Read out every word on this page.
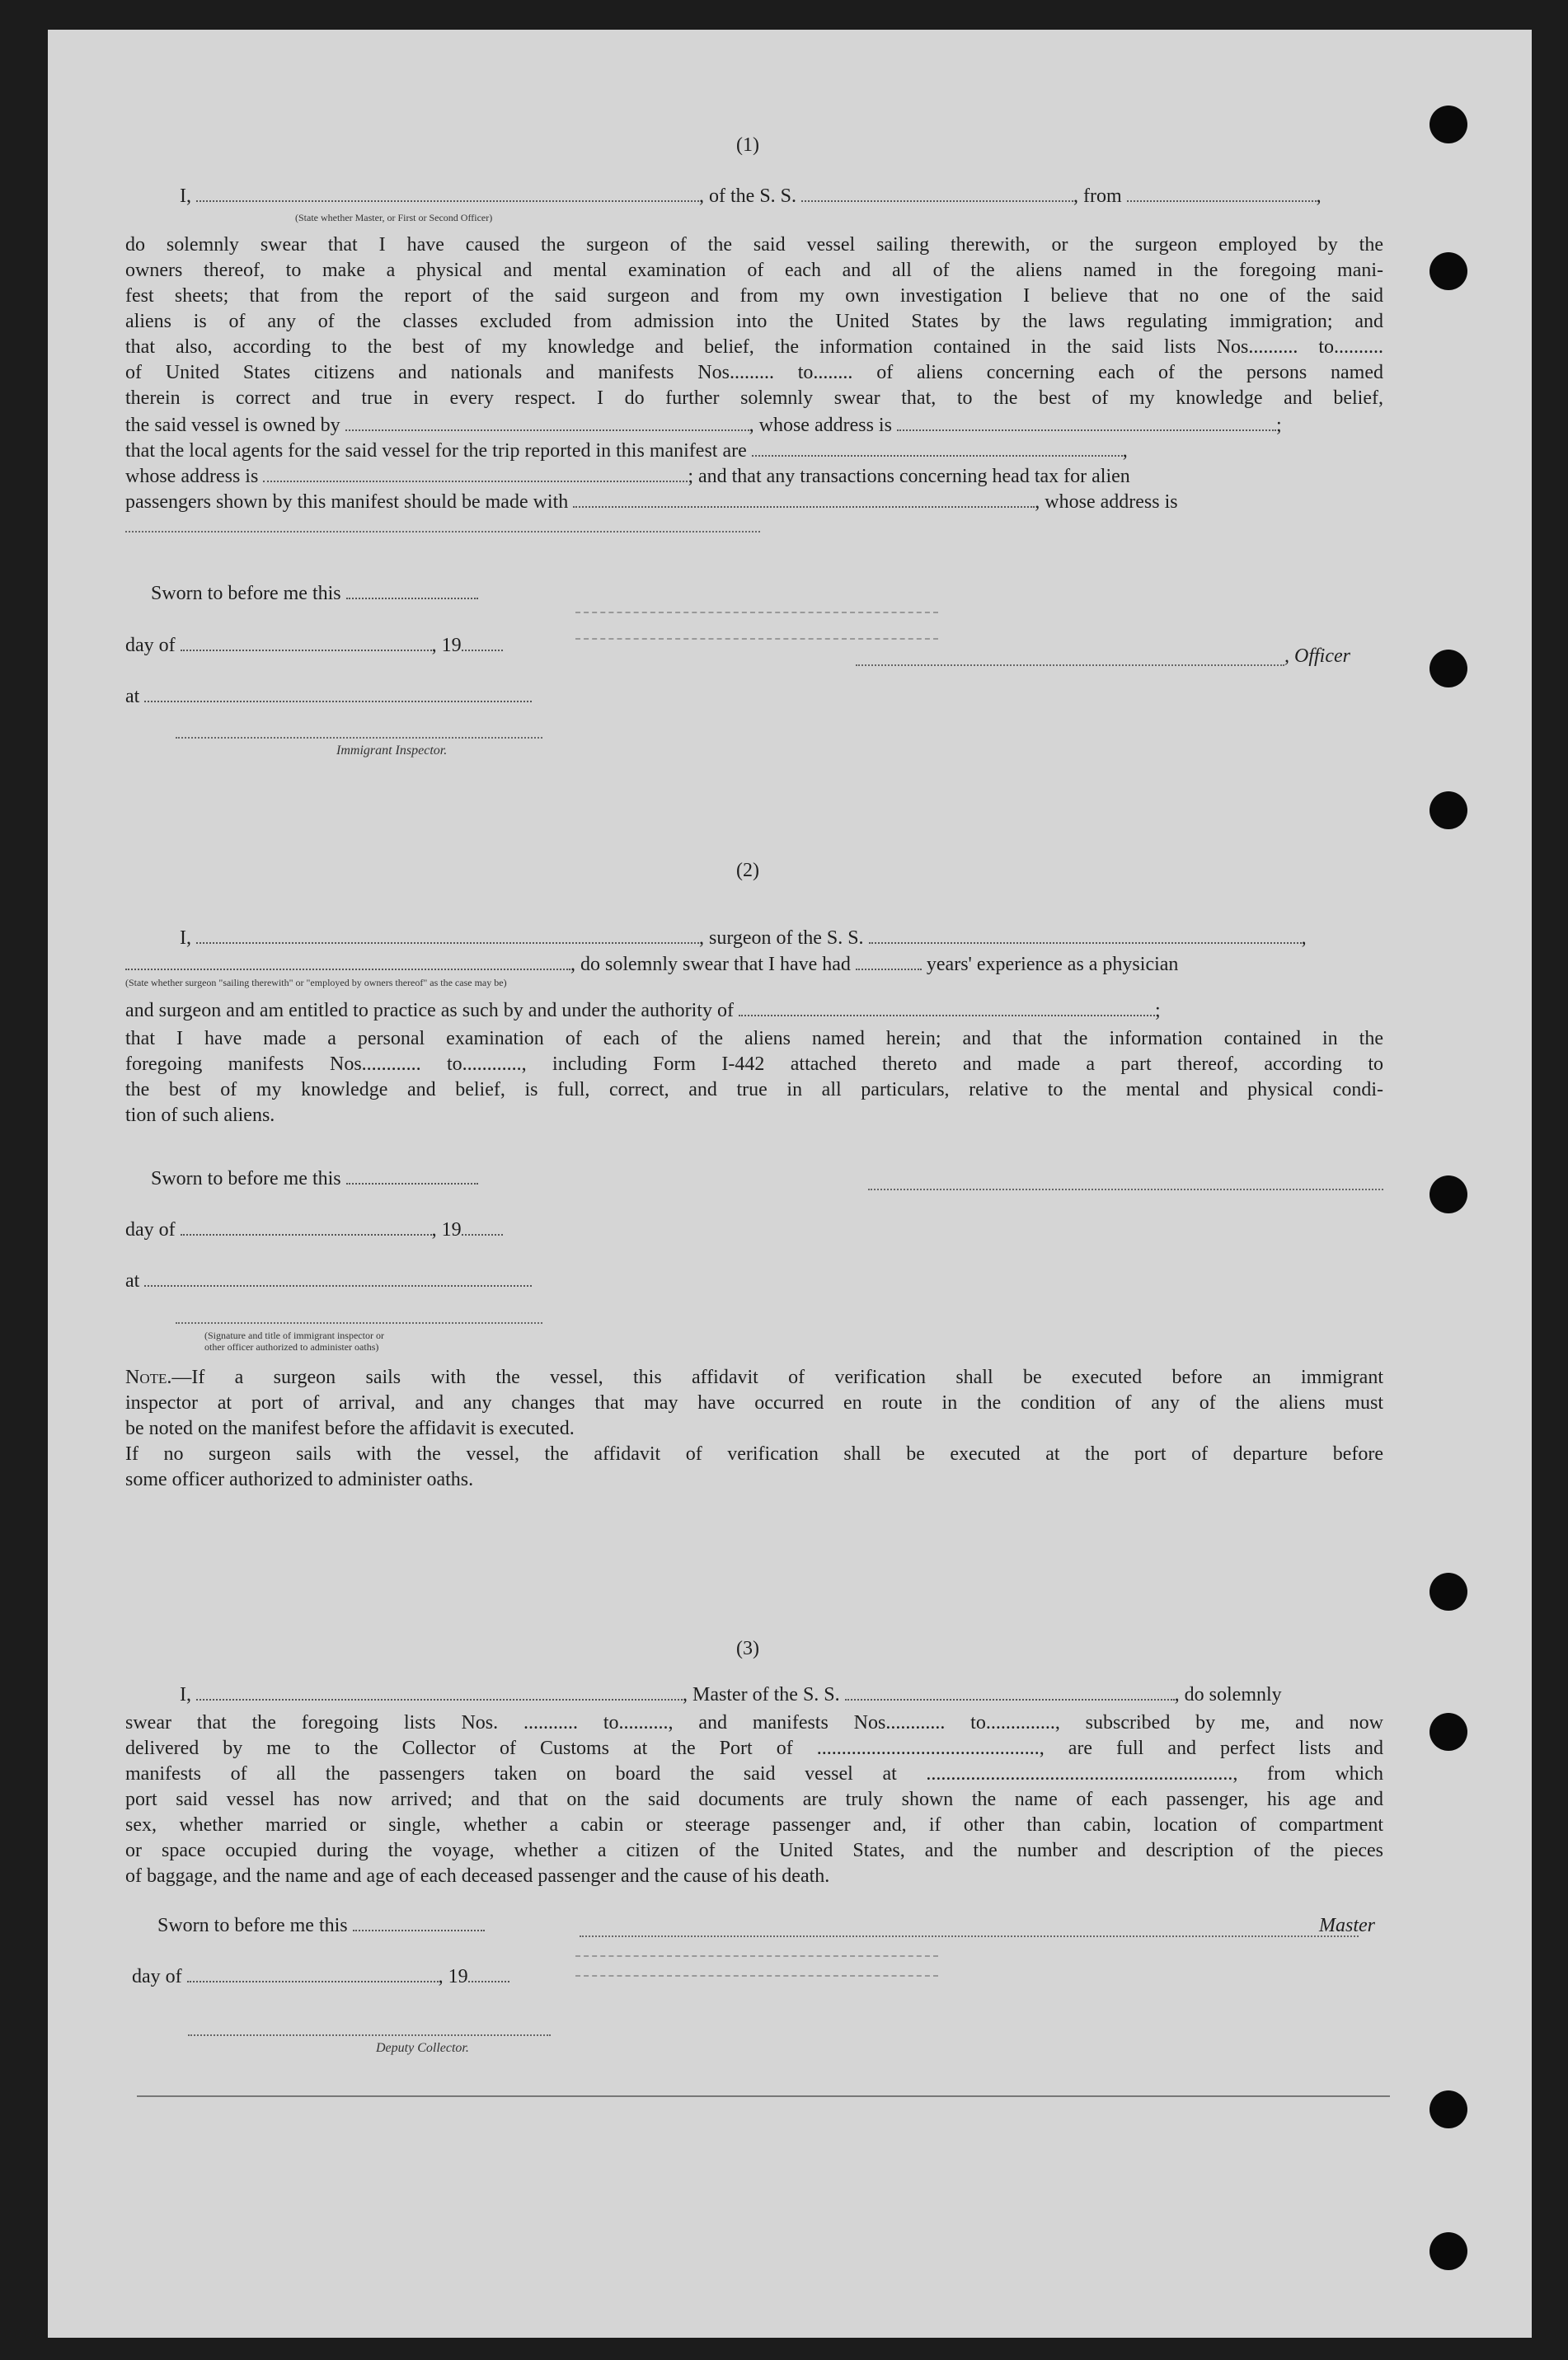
(1)
I,	, of the S. S.	, from	,
(State whether Master, or First or Second Officer)
do solemnly swear that I have caused the surgeon of the said vessel sailing therewith, or the surgeon employed by the
owners thereof, to make a physical and mental examination of each and all of the aliens named in the foregoing mani-
fest sheets; that from the report of the said surgeon and from my own investigation I believe that no one of the said
aliens is of any of the classes excluded from admission into the United States by the laws regulating immigration; and
that also, according to the best of my knowledge and belief, the information contained in the said lists Nos.......... to..........
of United States citizens and nationals and manifests Nos......... to........ of aliens concerning each of the persons named
therein is correct and true in every respect. I do further solemnly swear that, to the best of my knowledge and belief,
the said vessel is owned by	, whose address is	;
that the local agents for the said vessel for the trip reported in this manifest are	,
whose address is	; and that any transactions concerning head tax for alien
passengers shown by this manifest should be made with	, whose address is
Sworn to before me this
day of	, 19
at
, Officer
Immigrant Inspector.
(2)
I,	, surgeon of the S. S.	,
, do solemnly swear that I have had	years' experience as a physician
(State whether surgeon "sailing therewith" or "employed by owners thereof" as the case may be)
and surgeon and am entitled to practice as such by and under the authority of	;
that I have made a personal examination of each of the aliens named herein; and that the information contained in the
foregoing manifests Nos............ to............, including Form I-442 attached thereto and made a part thereof, according to
the best of my knowledge and belief, is full, correct, and true in all particulars, relative to the mental and physical condi-
tion of such aliens.
Sworn to before me this
day of	, 19
at
(Signature and title of immigrant inspector or
other officer authorized to administer oaths)
Note.—If a surgeon sails with the vessel, this affidavit of verification shall be executed before an immigrant
inspector at port of arrival, and any changes that may have occurred en route in the condition of any of the aliens must
be noted on the manifest before the affidavit is executed.
If no surgeon sails with the vessel, the affidavit of verification shall be executed at the port of departure before
some officer authorized to administer oaths.
(3)
I,	, Master of the S. S.	, do solemnly
swear that the foregoing lists Nos. ........... to.........., and manifests Nos............ to.............., subscribed by me, and now
delivered by me to the Collector of Customs at the Port of ............................................., are full and perfect lists and
manifests of all the passengers taken on board the said vessel at .............................................................., from which
port said vessel has now arrived; and that on the said documents are truly shown the name of each passenger, his age and
sex, whether married or single, whether a cabin or steerage passenger and, if other than cabin, location of compartment
or space occupied during the voyage, whether a citizen of the United States, and the number and description of the pieces
of baggage, and the name and age of each deceased passenger and the cause of his death.
Sworn to before me this	Master
day of	, 19
Deputy Collector.
